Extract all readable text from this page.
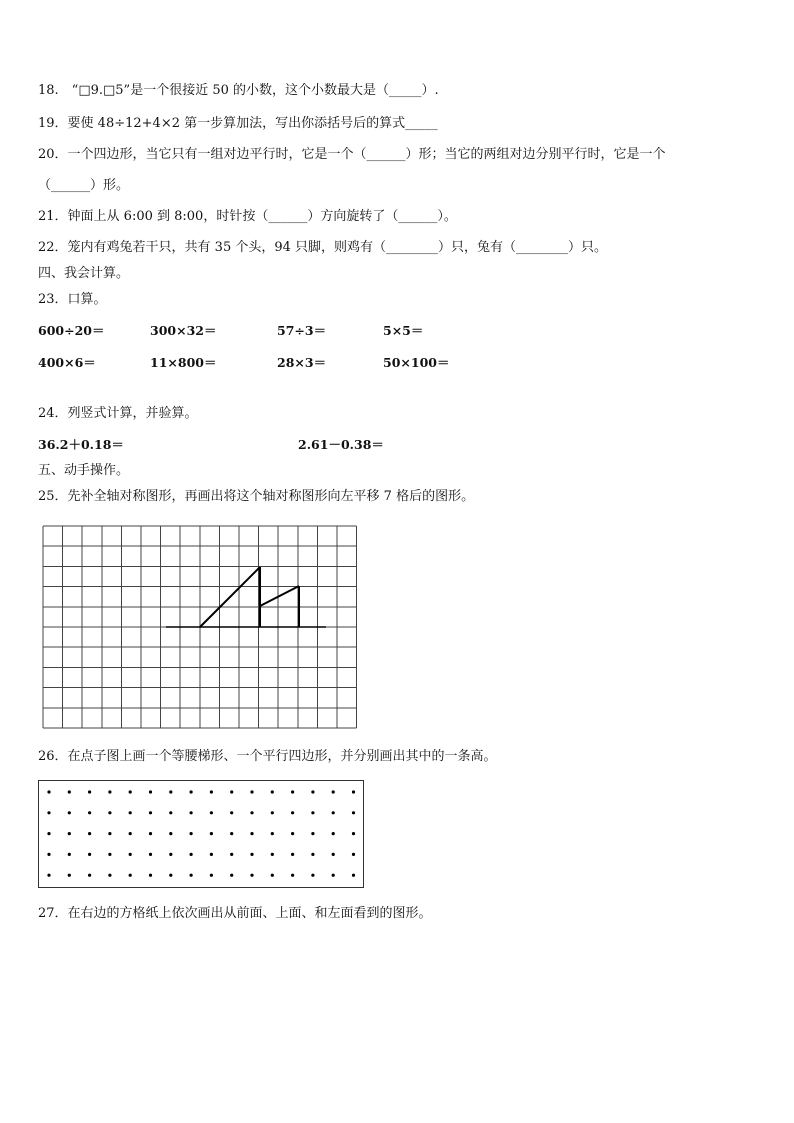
18.　“□9.□5”是一个很接近 50 的小数，这个小数最大是（_____）.
19．要使 48÷12+4×2 第一步算加法，写出你添括号后的算式_____
20．一个四边形，当它只有一组对边平行时，它是一个（______）形；当它的两组对边分别平行时，它是一个
（______）形。
21．钟面上从 6:00 到 8:00，时针按（______）方向旋转了（______）。
22．笼内有鸡兔若干只，共有 35 个头，94 只脚，则鸡有（________）只，兔有（________）只。
四、我会计算。
23．口算。
600÷20＝	300×32＝	57÷3＝	5×5＝
400×6＝	11×800＝	28×3＝	50×100＝
24．列竖式计算，并验算。
36.2＋0.18＝	2.61－0.38＝
五、动手操作。
25．先补全轴对称图形，再画出将这个轴对称图形向左平移 7 格后的图形。
26．在点子图上画一个等腰梯形、一个平行四边形，并分别画出其中的一条高。
27．在右边的方格纸上依次画出从前面、上面、和左面看到的图形。
